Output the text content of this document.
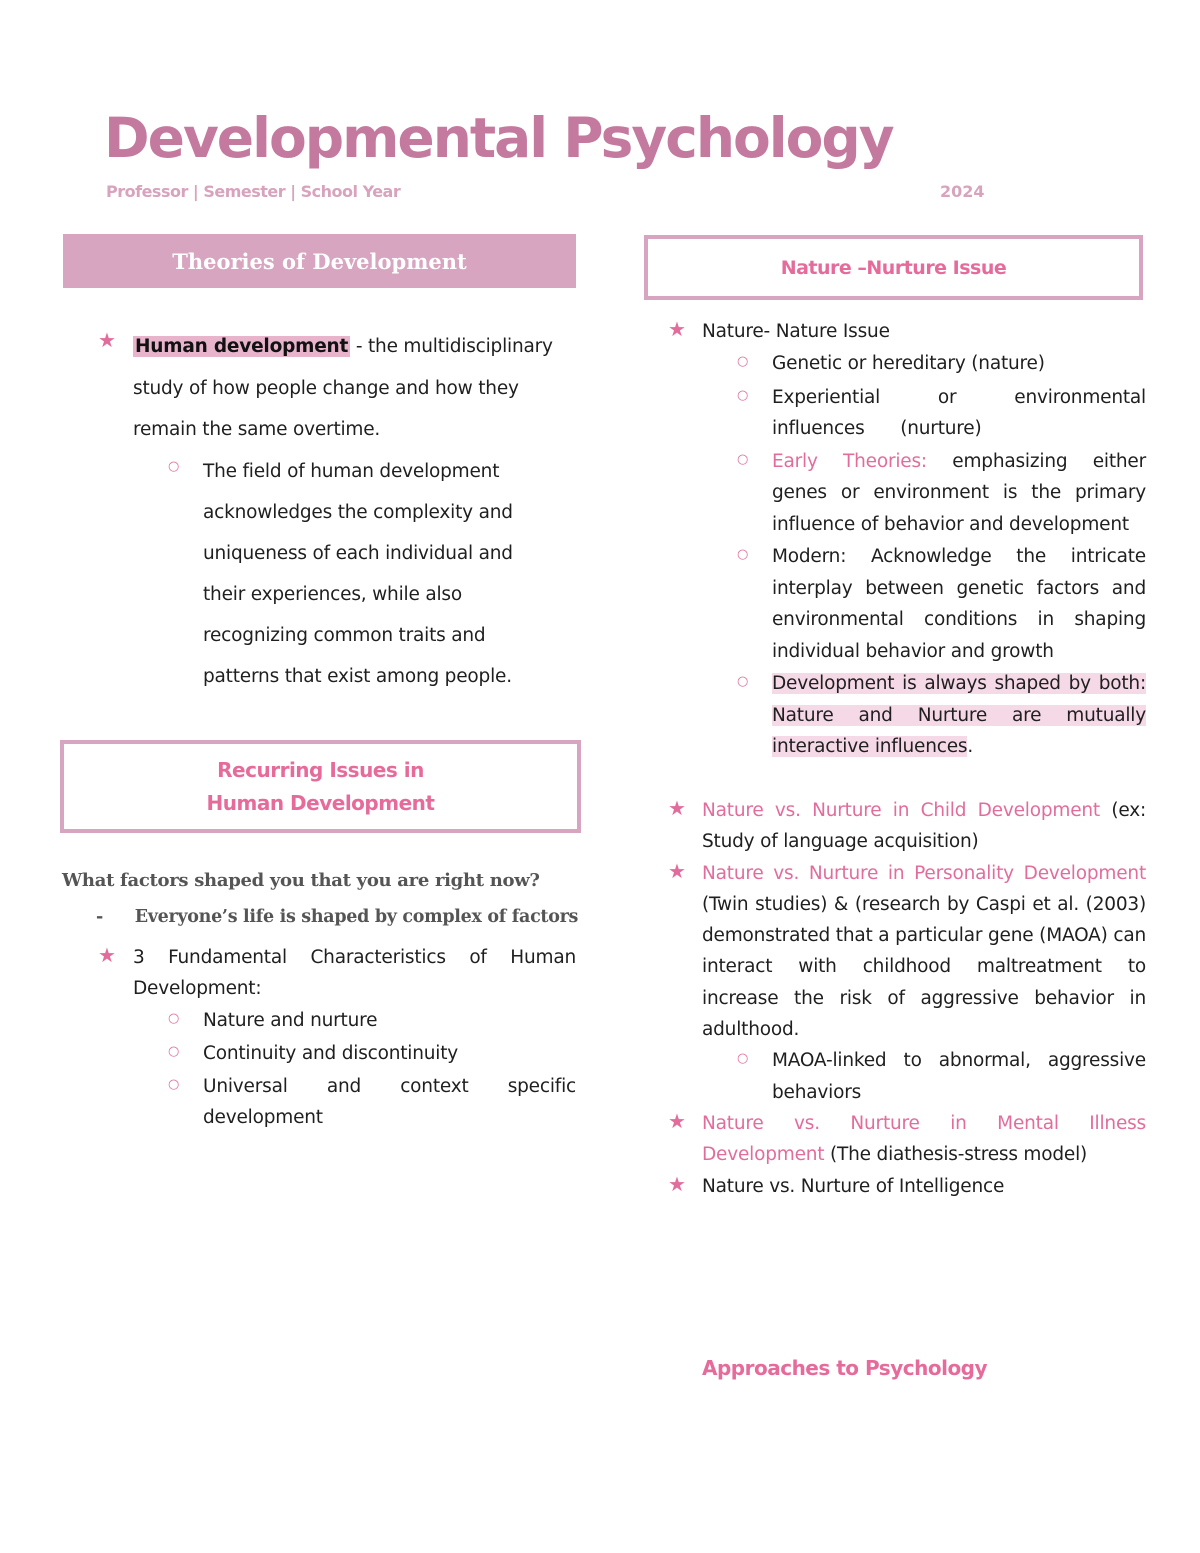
Developmental Psychology
Professor | Semester | School Year	2024
Theories of Development
★ Human development - the multidisciplinary study of how people change and how they remain the same overtime.
○ The field of human development acknowledges the complexity and uniqueness of each individual and their experiences, while also recognizing common traits and patterns that exist among people.
Recurring Issues in
Human Development
What factors shaped you that you are right now?
- Everyone’s life is shaped by complex of factors
★ 3 Fundamental Characteristics of Human Development:
○ Nature and nurture
○ Continuity and discontinuity
○ Universal and context specific development
Nature –Nurture Issue
★ Nature- Nature Issue
○ Genetic or hereditary (nature)
○ Experiential or environmental influences (nurture)
○ Early Theories: emphasizing either genes or environment is the primary influence of behavior and development
○ Modern: Acknowledge the intricate interplay between genetic factors and environmental conditions in shaping individual behavior and growth
○ Development is always shaped by both: Nature and Nurture are mutually interactive influences.
★ Nature vs. Nurture in Child Development (ex: Study of language acquisition)
★ Nature vs. Nurture in Personality Development (Twin studies) & (research by Caspi et al. (2003) demonstrated that a particular gene (MAOA) can interact with childhood maltreatment to increase the risk of aggressive behavior in adulthood.
○ MAOA-linked to abnormal, aggressive behaviors
★ Nature vs. Nurture in Mental Illness Development (The diathesis-stress model)
★ Nature vs. Nurture of Intelligence
Approaches to Psychology
